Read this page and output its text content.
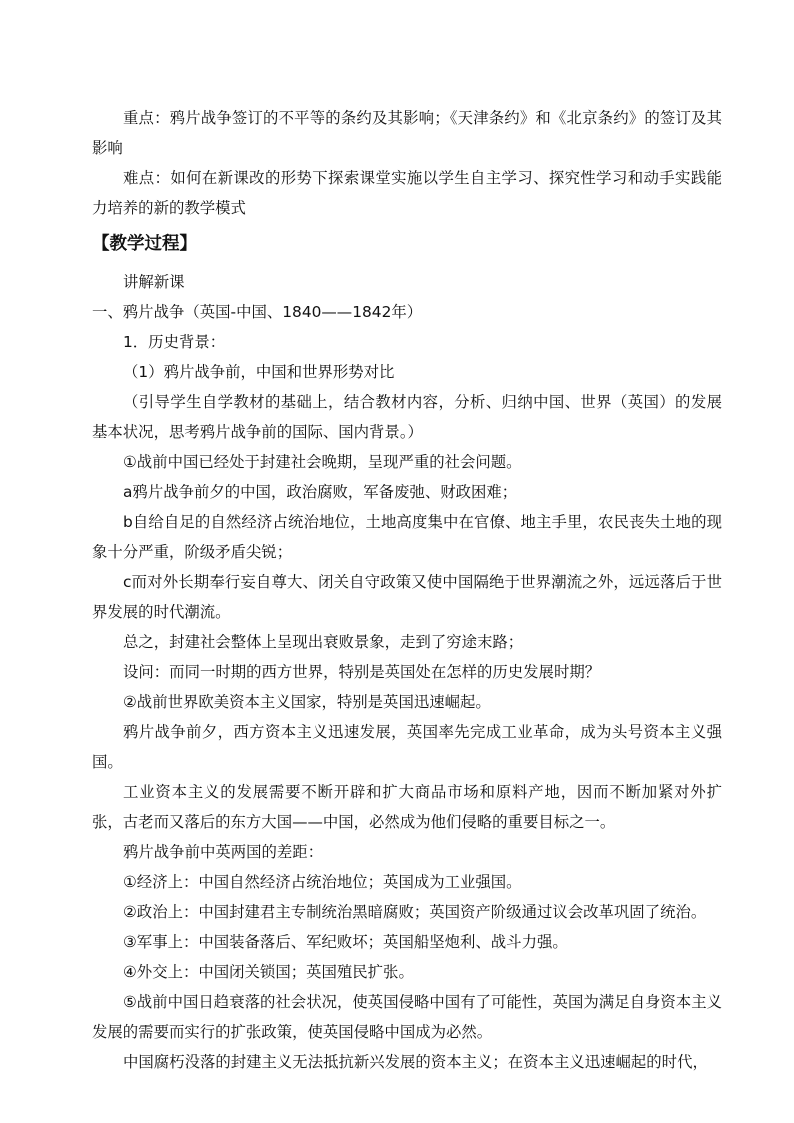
重点：鸦片战争签订的不平等的条约及其影响；《天津条约》和《北京条约》的签订及其影响

难点：如何在新课改的形势下探索课堂实施以学生自主学习、探究性学习和动手实践能力培养的新的教学模式

【教学过程】

讲解新课

一、鸦片战争（英国-中国、1840——1842年）

1．历史背景：

（1）鸦片战争前，中国和世界形势对比

（引导学生自学教材的基础上，结合教材内容，分析、归纳中国、世界（英国）的发展基本状况，思考鸦片战争前的国际、国内背景。）

①战前中国已经处于封建社会晚期，呈现严重的社会问题。

a鸦片战争前夕的中国，政治腐败，军备废弛、财政困难；

b自给自足的自然经济占统治地位，土地高度集中在官僚、地主手里，农民丧失土地的现象十分严重，阶级矛盾尖锐；

c而对外长期奉行妄自尊大、闭关自守政策又使中国隔绝于世界潮流之外，远远落后于世界发展的时代潮流。

总之，封建社会整体上呈现出衰败景象，走到了穷途末路；

设问：而同一时期的西方世界，特别是英国处在怎样的历史发展时期？

②战前世界欧美资本主义国家，特别是英国迅速崛起。

鸦片战争前夕，西方资本主义迅速发展，英国率先完成工业革命，成为头号资本主义强国。

工业资本主义的发展需要不断开辟和扩大商品市场和原料产地，因而不断加紧对外扩张，古老而又落后的东方大国——中国，必然成为他们侵略的重要目标之一。

鸦片战争前中英两国的差距：

①经济上：中国自然经济占统治地位；英国成为工业强国。

②政治上：中国封建君主专制统治黑暗腐败；英国资产阶级通过议会改革巩固了统治。

③军事上：中国装备落后、军纪败坏；英国船坚炮利、战斗力强。

④外交上：中国闭关锁国；英国殖民扩张。

⑤战前中国日趋衰落的社会状况，使英国侵略中国有了可能性，英国为满足自身资本主义发展的需要而实行的扩张政策，使英国侵略中国成为必然。

中国腐朽没落的封建主义无法抵抗新兴发展的资本主义；在资本主义迅速崛起的时代，
